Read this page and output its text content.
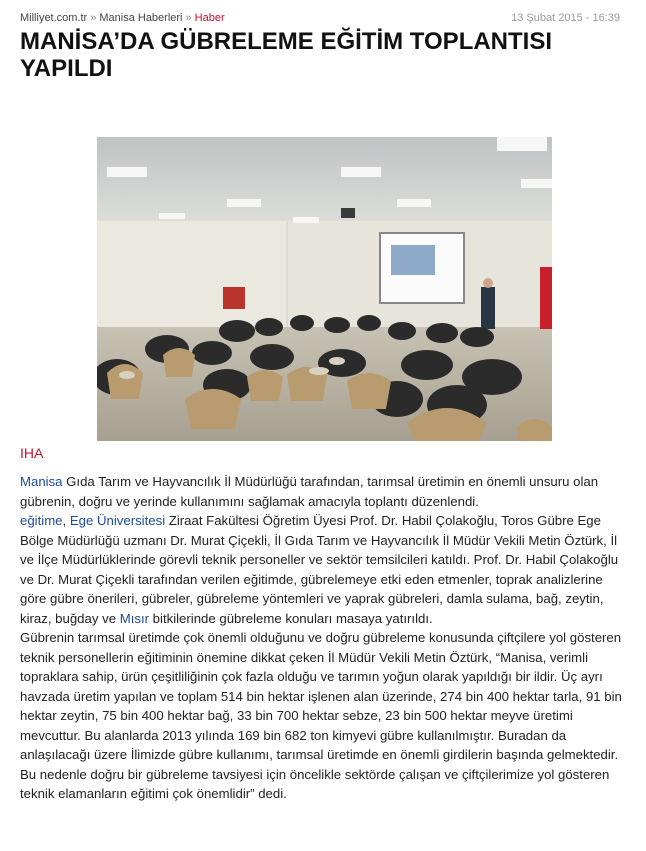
Milliyet.com.tr » Manisa Haberleri » Haber	13 Şubat 2015 - 16:39
MANİSA’DA GÜBRELEME EĞİTİM TOPLANTISI
YAPILDI
IHA

Manisa Gıda Tarım ve Hayvancılık İl Müdürlüğü tarafından, tarımsal üretimin en önemli unsuru olan gübrenin, doğru ve yerinde kullanımını sağlamak amacıyla toplantı düzenlendi.

eğitime, Ege Üniversitesi Ziraat Fakültesi Öğretim Üyesi Prof. Dr. Habil Çolakoğlu, Toros Gübre Ege Bölge Müdürlüğü uzmanı Dr. Murat Çiçekli, İl Gıda Tarım ve Hayvancılık İl Müdür Vekili Metin Öztürk, İl ve İlçe Müdürlüklerinde görevli teknik personeller ve sektör temsilcileri katıldı. Prof. Dr. Habil Çolakoğlu ve Dr. Murat Çiçekli tarafından verilen eğitimde, gübrelemeye etki eden etmenler, toprak analizlerine göre gübre önerileri, gübreler, gübreleme yöntemleri ve yaprak gübreleri, damla sulama, bağ, zeytin, kiraz, buğday ve Mısır bitkilerinde gübreleme konuları masaya yatırıldı.

Gübrenin tarımsal üretimde çok önemli olduğunu ve doğru gübreleme konusunda çiftçilere yol gösteren teknik personellerin eğitiminin önemine dikkat çeken İl Müdür Vekili Metin Öztürk, “Manisa, verimli topraklara sahip, ürün çeşitliliğinin çok fazla olduğu ve tarımın yoğun olarak yapıldığı bir ildir. Üç ayrı havzada üretim yapılan ve toplam 514 bin hektar işlenen alan üzerinde, 274 bin 400 hektar tarla, 91 bin hektar zeytin, 75 bin 400 hektar bağ, 33 bin 700 hektar sebze, 23 bin 500 hektar meyve üretimi mevcuttur. Bu alanlarda 2013 yılında 169 bin 682 ton kimyevi gübre kullanılmıştır. Buradan da anlaşılacağı üzere İlimizde gübre kullanımı, tarımsal üretimde en önemli girdilerin başında gelmektedir. Bu nedenle doğru bir gübreleme tavsiyesi için öncelikle sektörde çalışan ve çiftçilerimize yol gösteren teknik elamanların eğitimi çok önemlidir” dedi.
